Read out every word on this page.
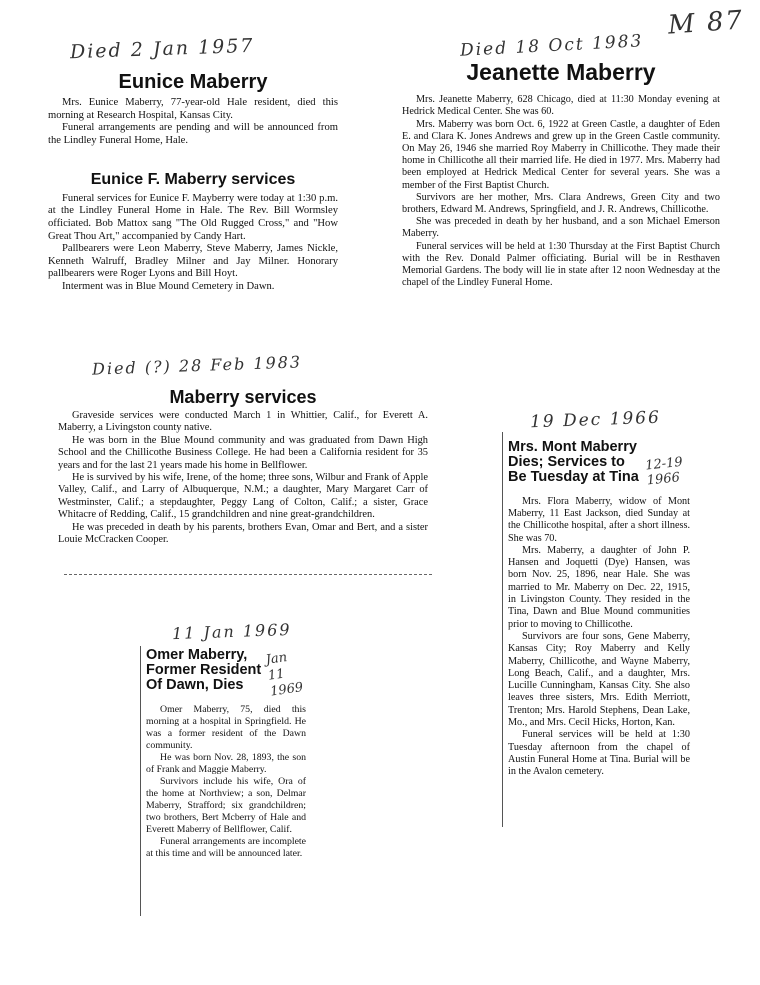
M 87
Died 2 Jan 1957
Eunice Maberry

Mrs. Eunice Maberry, 77-year-old Hale resident, died this morning at Research Hospital, Kansas City.

Funeral arrangements are pending and will be announced from the Lindley Funeral Home, Hale.

Eunice F. Maberry services

Funeral services for Eunice F. Mayberry were today at 1:30 p.m. at the Lindley Funeral Home in Hale. The Rev. Bill Wormsley officiated. Bob Mattox sang "The Old Rugged Cross," and "How Great Thou Art," accompanied by Candy Hart.

Pallbearers were Leon Maberry, Steve Maberry, James Nickle, Kenneth Walruff, Bradley Milner and Jay Milner. Honorary pallbearers were Roger Lyons and Bill Hoyt.

Interment was in Blue Mound Cemetery in Dawn.

Died 18 Oct 1983
Jeanette Maberry

Mrs. Jeanette Maberry, 628 Chicago, died at 11:30 Monday evening at Hedrick Medical Center. She was 60.

Mrs. Maberry was born Oct. 6, 1922 at Green Castle, a daughter of Eden E. and Clara K. Jones Andrews and grew up in the Green Castle community. On May 26, 1946 she married Roy Maberry in Chillicothe. They made their home in Chillicothe all their married life. He died in 1977. Mrs. Maberry had been employed at Hedrick Medical Center for several years. She was a member of the First Baptist Church.

Survivors are her mother, Mrs. Clara Andrews, Green City and two brothers, Edward M. Andrews, Springfield, and J. R. Andrews, Chillicothe.

She was preceded in death by her husband, and a son Michael Emerson Maberry.

Funeral services will be held at 1:30 Thursday at the First Baptist Church with the Rev. Donald Palmer officiating. Burial will be in Resthaven Memorial Gardens. The body will lie in state after 12 noon Wednesday at the chapel of the Lindley Funeral Home.

Died (?) 28 Feb 1983
Maberry services

Graveside services were conducted March 1 in Whittier, Calif., for Everett A. Maberry, a Livingston county native.

He was born in the Blue Mound community and was graduated from Dawn High School and the Chillicothe Business College. He had been a California resident for 35 years and for the last 21 years made his home in Bellflower.

He is survived by his wife, Irene, of the home; three sons, Wilbur and Frank of Apple Valley, Calif., and Larry of Albuquerque, N.M.; a daughter, Mary Margaret Carr of Westminster, Calif.; a stepdaughter, Peggy Lang of Colton, Calif.; a sister, Grace Whitacre of Redding, Calif., 15 grandchildren and nine great-grandchildren.

He was preceded in death by his parents, brothers Evan, Omar and Bert, and a sister Louie McCracken Cooper.

19 Dec 1966
Mrs. Mont Maberry
Dies; Services to
Be Tuesday at Tina

Mrs. Flora Maberry, widow of Mont Maberry, 11 East Jackson, died Sunday at the Chillicothe hospital, after a short illness. She was 70.

Mrs. Maberry, a daughter of John P. Hansen and Joquetti (Dye) Hansen, was born Nov. 25, 1896, near Hale. She was married to Mr. Maberry on Dec. 22, 1915, in Livingston County. They resided in the Tina, Dawn and Blue Mound communities prior to moving to Chillicothe.

Survivors are four sons, Gene Maberry, Kansas City; Roy Maberry and Kelly Maberry, Chillicothe, and Wayne Maberry, Long Beach, Calif., and a daughter, Mrs. Lucille Cunningham, Kansas City. She also leaves three sisters, Mrs. Edith Merriott, Trenton; Mrs. Harold Stephens, Dean Lake, Mo., and Mrs. Cecil Hicks, Horton, Kan.

Funeral services will be held at 1:30 Tuesday afternoon from the chapel of Austin Funeral Home at Tina. Burial will be in the Avalon cemetery.

12-19 1966
11 Jan 1969
Omer Maberry,
Former Resident
Of Dawn, Dies

Omer Maberry, 75, died this morning at a hospital in Springfield. He was a former resident of the Dawn community.

He was born Nov. 28, 1893, the son of Frank and Maggie Maberry.

Survivors include his wife, Ora of the home at Northview; a son, Delmar Maberry, Strafford; six grandchildren; two brothers, Bert Mcberry of Hale and Everett Maberry of Bellflower, Calif.

Funeral arrangements are incomplete at this time and will be announced later.

Jan 11 1969
